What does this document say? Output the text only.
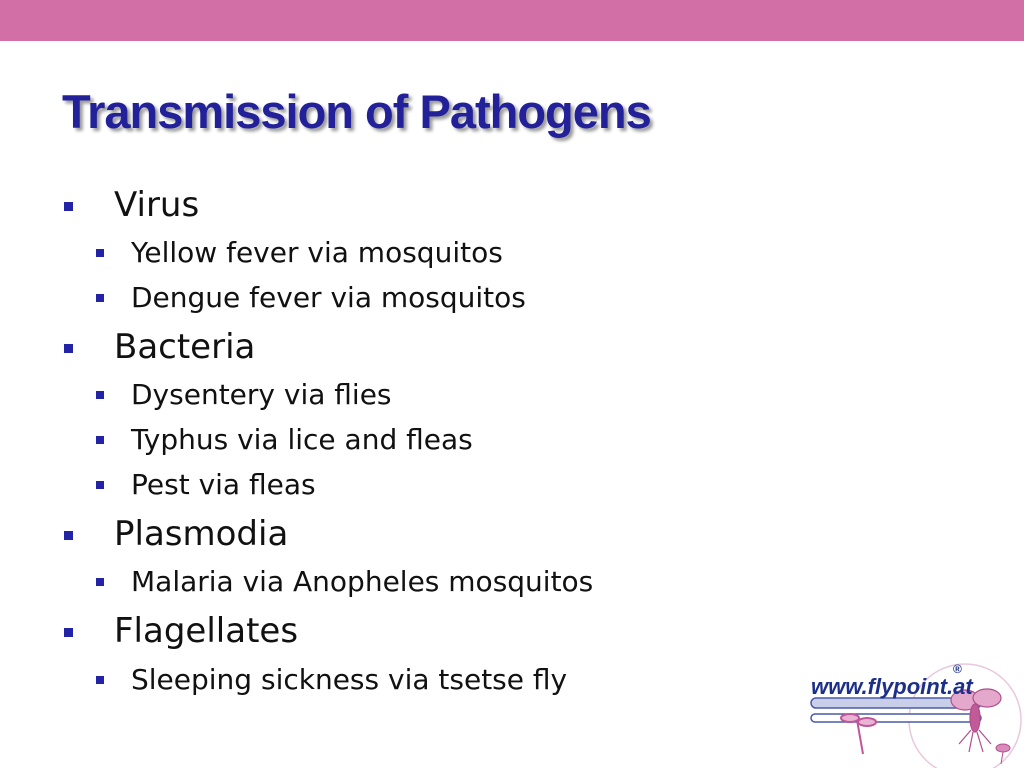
Transmission of Pathogens
Virus
Yellow fever via mosquitos
Dengue fever via mosquitos
Bacteria
Dysentery via flies
Typhus via lice and fleas
Pest via fleas
Plasmodia
Malaria via Anopheles mosquitos
Flagellates
Sleeping sickness via tsetse fly	www.flypoint.at
®
